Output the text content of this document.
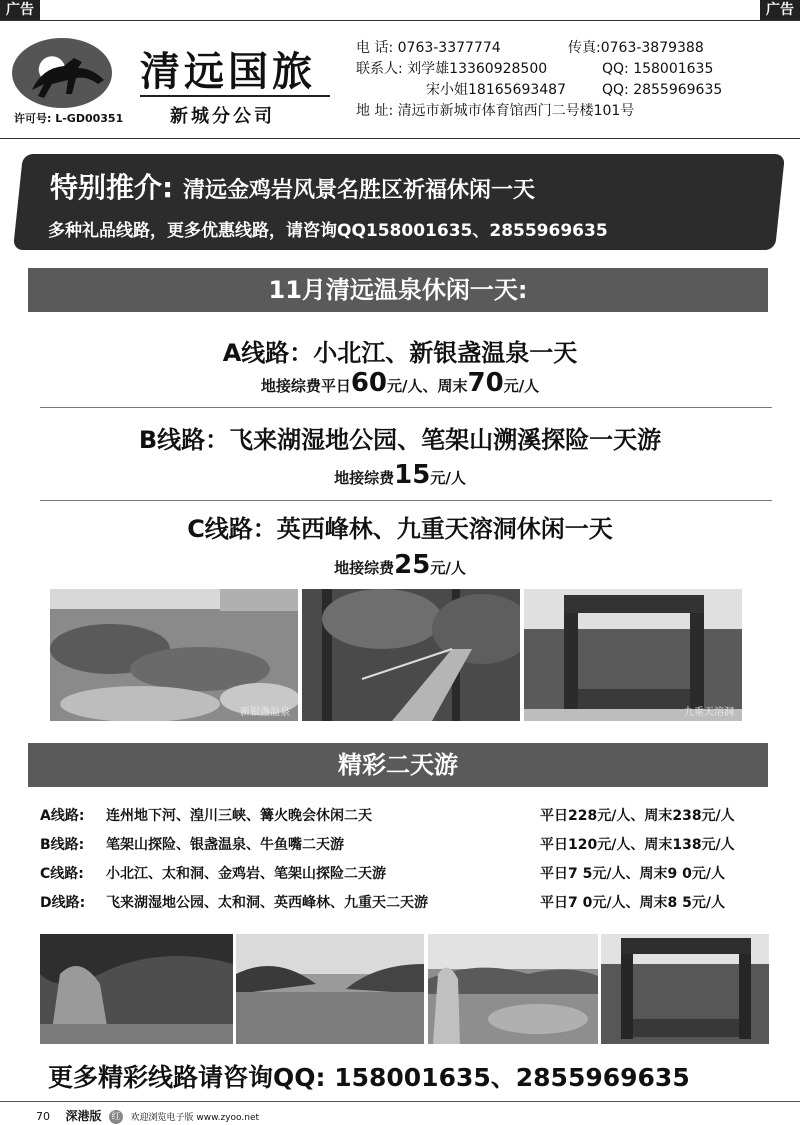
广告	广告
清远国旅
新城分公司
许可号: L-GD00351
电 话: 0763-3377774	传真:0763-3879388
联系人: 刘学雄13360928500	QQ: 158001635
宋小姐18165693487	QQ: 2855969635
地 址: 清远市新城市体育馆西门二号楼101号
特别推介: 清远金鸡岩风景名胜区祈福休闲一天
多种礼品线路，更多优惠线路，请咨询QQ158001635、2855969635
11月清远温泉休闲一天:
A线路：小北江、新银盏温泉一天
地接综费平日60元/人、周末70元/人
B线路：飞来湖湿地公园、笔架山溯溪探险一天游
地接综费15元/人
C线路：英西峰林、九重天溶洞休闲一天
地接综费25元/人
新银盏温泉	九重天溶洞
精彩二天游
A线路: 连州地下河、湟川三峡、篝火晚会休闲二天	平日228元/人、周末238元/人
B线路: 笔架山探险、银盏温泉、牛鱼嘴二天游	平日120元/人、周末138元/人
C线路: 小北江、太和洞、金鸡岩、笔架山探险二天游	平日7 5元/人、周末9 0元/人
D线路: 飞来湖湿地公园、太和洞、英西峰林、九重天二天游	平日7 0元/人、周末8 5元/人
更多精彩线路请咨询QQ: 158001635、2855969635
70 深港版 红 欢迎浏览电子版 www.zyoo.net
